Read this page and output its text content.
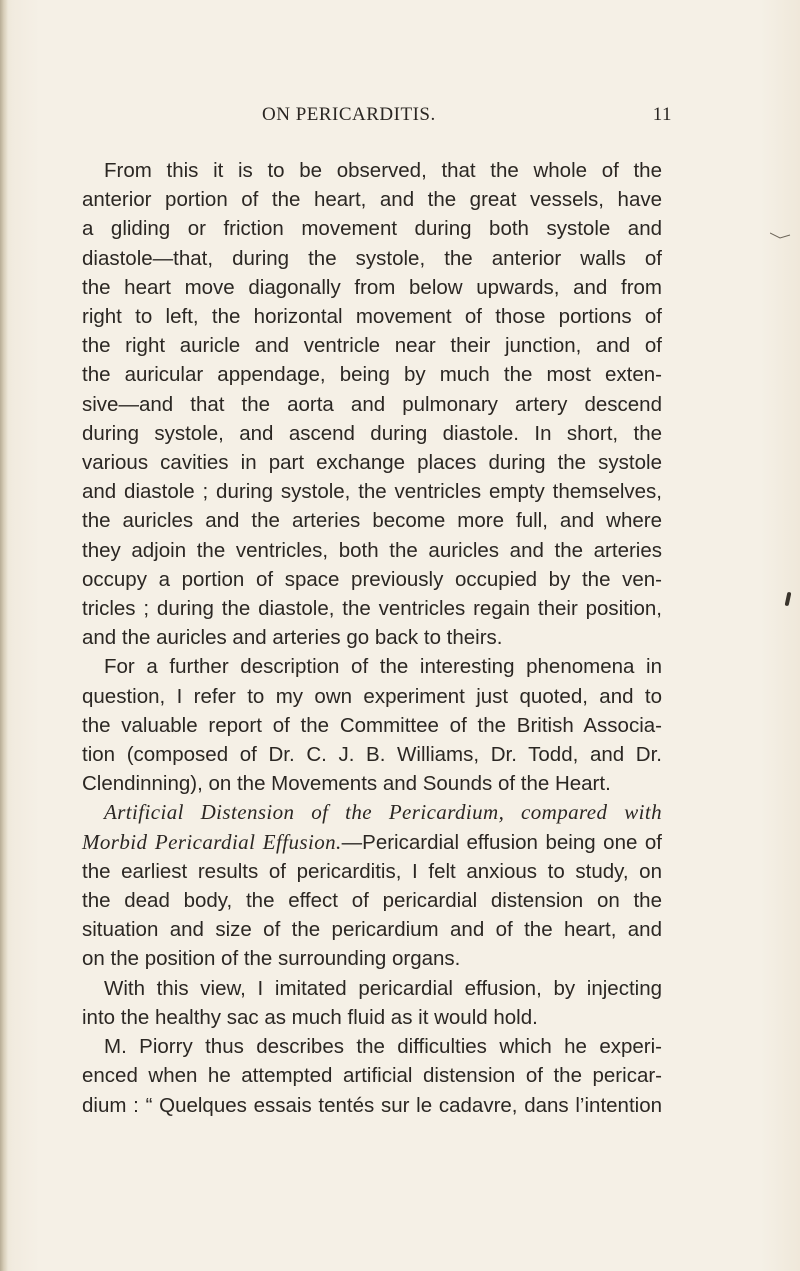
ON PERICARDITIS.	11
From this it is to be observed, that the whole of the
anterior portion of the heart, and the great vessels, have
a gliding or friction movement during both systole and
diastole—that, during the systole, the anterior walls of
the heart move diagonally from below upwards, and from
right to left, the horizontal movement of those portions of
the right auricle and ventricle near their junction, and of
the auricular appendage, being by much the most exten-
sive—and that the aorta and pulmonary artery descend
during systole, and ascend during diastole. In short, the
various cavities in part exchange places during the systole
and diastole ; during systole, the ventricles empty themselves,
the auricles and the arteries become more full, and where
they adjoin the ventricles, both the auricles and the arteries
occupy a portion of space previously occupied by the ven-
tricles ; during the diastole, the ventricles regain their position,
and the auricles and arteries go back to theirs.
For a further description of the interesting phenomena in
question, I refer to my own experiment just quoted, and to
the valuable report of the Committee of the British Associa-
tion (composed of Dr. C. J. B. Williams, Dr. Todd, and Dr.
Clendinning), on the Movements and Sounds of the Heart.
Artificial Distension of the Pericardium, compared with
Morbid Pericardial Effusion.—Pericardial effusion being one of
the earliest results of pericarditis, I felt anxious to study, on
the dead body, the effect of pericardial distension on the
situation and size of the pericardium and of the heart, and
on the position of the surrounding organs.
With this view, I imitated pericardial effusion, by injecting
into the healthy sac as much fluid as it would hold.
M. Piorry thus describes the difficulties which he experi-
enced when he attempted artificial distension of the pericar-
dium : “ Quelques essais tentés sur le cadavre, dans l’intention
